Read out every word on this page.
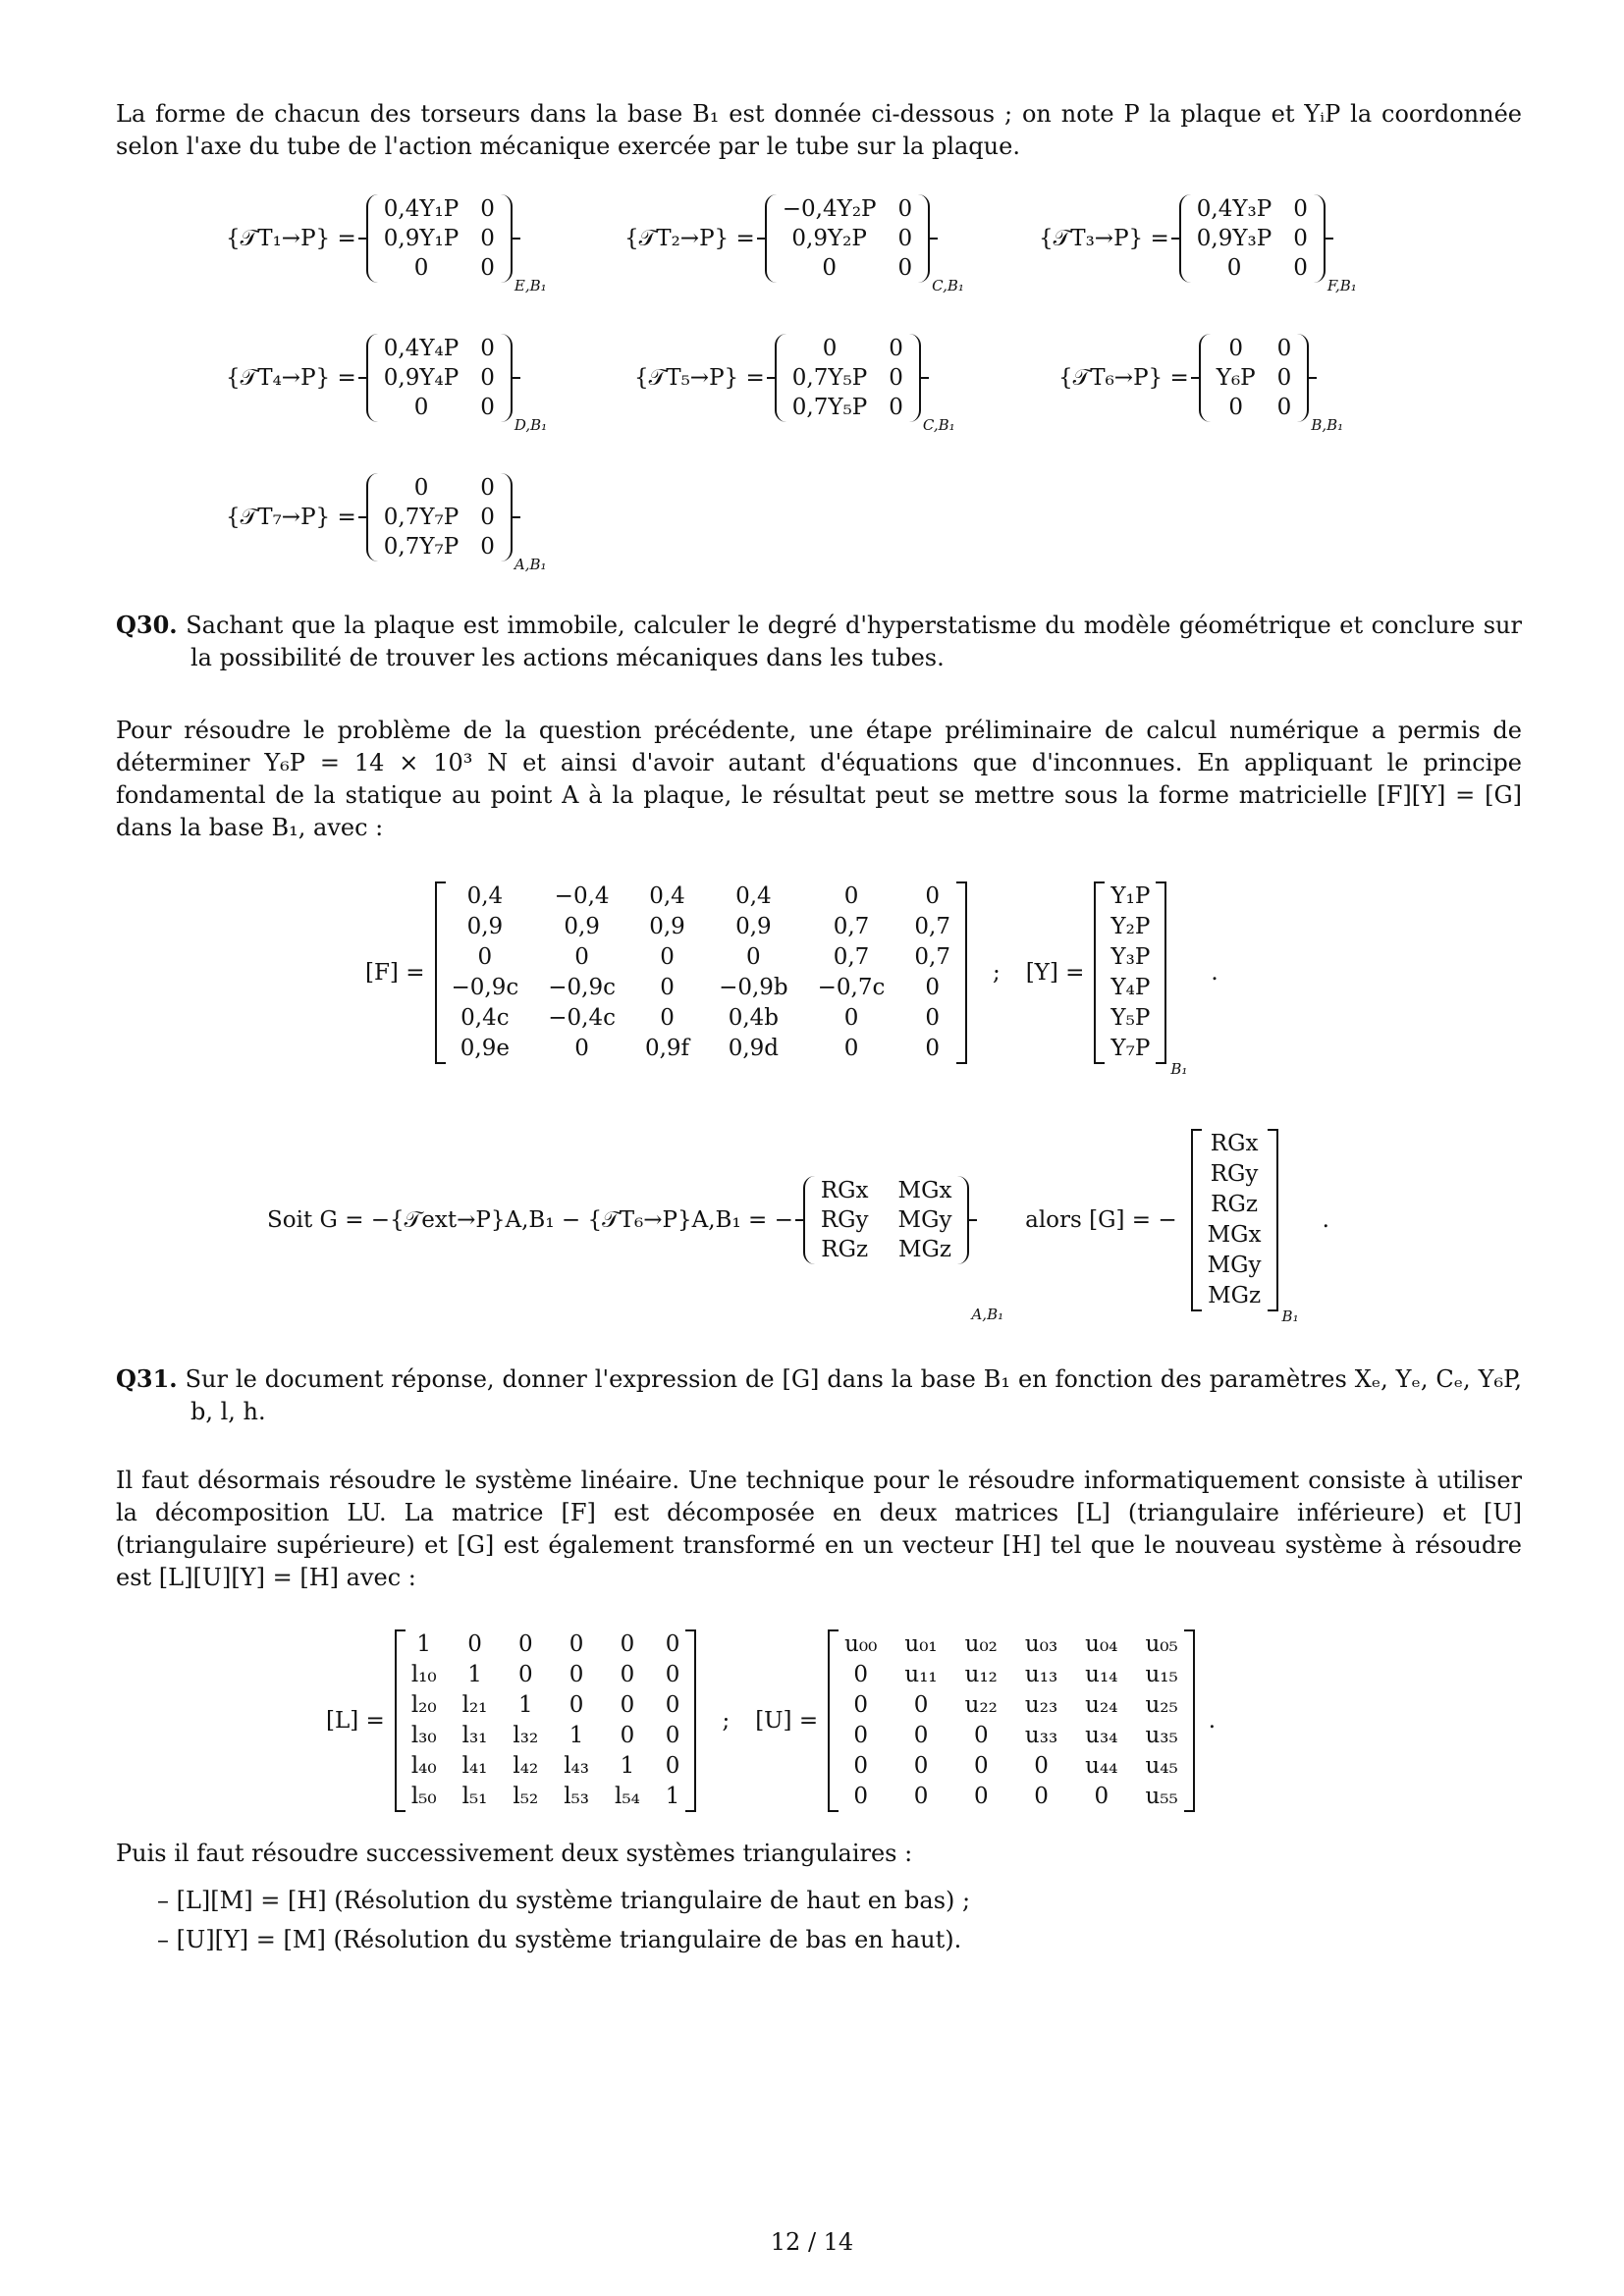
La forme de chacun des torseurs dans la base B₁ est donnée ci-dessous ; on note P la plaque et YᵢP la coordonnée selon l'axe du tube de l'action mécanique exercée par le tube sur la plaque.

{𝒯T₁→P} =
0,4Y₁P 0
0,9Y₁P 0
0	0
E,B₁
{𝒯T₂→P} =
−0,4Y₂P 0
0,9Y₂P	0
0	0
C,B₁
{𝒯T₃→P} =
0,4Y₃P 0
0,9Y₃P 0
0	0
F,B₁
{𝒯T₄→P} =
0,4Y₄P 0
0,9Y₄P 0
0	0
D,B₁
{𝒯T₅→P} =
0	0
0,7Y₅P 0
0,7Y₅P 0
C,B₁
{𝒯T₆→P} =
0	0
Y₆P 0
0	0
B,B₁
{𝒯T₇→P} =
0	0
0,7Y₇P 0
0,7Y₇P 0
A,B₁

Q30. Sachant que la plaque est immobile, calculer le degré d'hyperstatisme du modèle géométrique et conclure sur la possibilité de trouver les actions mécaniques dans les tubes.

Pour résoudre le problème de la question précédente, une étape préliminaire de calcul numérique a permis de déterminer Y₆P = 14 × 10³ N et ainsi d'avoir autant d'équations que d'inconnues. En appliquant le principe fondamental de la statique au point A à la plaque, le résultat peut se mettre sous la forme matricielle [F][Y] = [G] dans la base B₁, avec :

[F] =
0,4	−0,4 0,4	0,4	0	0
0,9	0,9	0,9	0,9	0,7	0,7
0	0	0	0	0,7	0,7
−0,9c −0,9c	0	−0,9b −0,7c	0
0,4c	−0,4c	0	0,4b	0	0
0,9e	0	0,9f	0,9d	0	0
; [Y] =
Y₁P
Y₂P
Y₃P
Y₄P
Y₅P
Y₇P
B₁
.
Soit G = −{𝒯ext→P}A,B₁ − {𝒯T₆→P}A,B₁ = −
RGx MGx
RGy MGy
RGz MGz
A,B₁
alors [G] = −
RGx
RGy
RGz
MGx
MGy
MGz
B₁
.

Q31. Sur le document réponse, donner l'expression de [G] dans la base B₁ en fonction des paramètres Xₑ, Yₑ, Cₑ, Y₆P, b, l, h.

Il faut désormais résoudre le système linéaire. Une technique pour le résoudre informatiquement consiste à utiliser la décomposition LU. La matrice [F] est décomposée en deux matrices [L] (triangulaire inférieure) et [U] (triangulaire supérieure) et [G] est également transformé en un vecteur [H] tel que le nouveau système à résoudre est [L][U][Y] = [H] avec :

[L] =
1 0 0 0 0 0
l₁₀ 1 0 0 0 0
l₂₀ l₂₁ 1 0 0 0
l₃₀ l₃₁ l₃₂ 1 0 0
l₄₀ l₄₁ l₄₂ l₄₃ 1 0
l₅₀ l₅₁ l₅₂ l₅₃ l₅₄ 1
; [U] =
u₀₀ u₀₁ u₀₂ u₀₃ u₀₄ u₀₅
0	u₁₁ u₁₂ u₁₃ u₁₄ u₁₅
0	0	u₂₂ u₂₃ u₂₄ u₂₅
0	0	0	u₃₃ u₃₄ u₃₅
0	0	0	0	u₄₄ u₄₅
0	0	0	0	0	u₅₅
.

Puis il faut résoudre successivement deux systèmes triangulaires :

– [L][M] = [H] (Résolution du système triangulaire de haut en bas) ;
– [U][Y] = [M] (Résolution du système triangulaire de bas en haut).
12 / 14
